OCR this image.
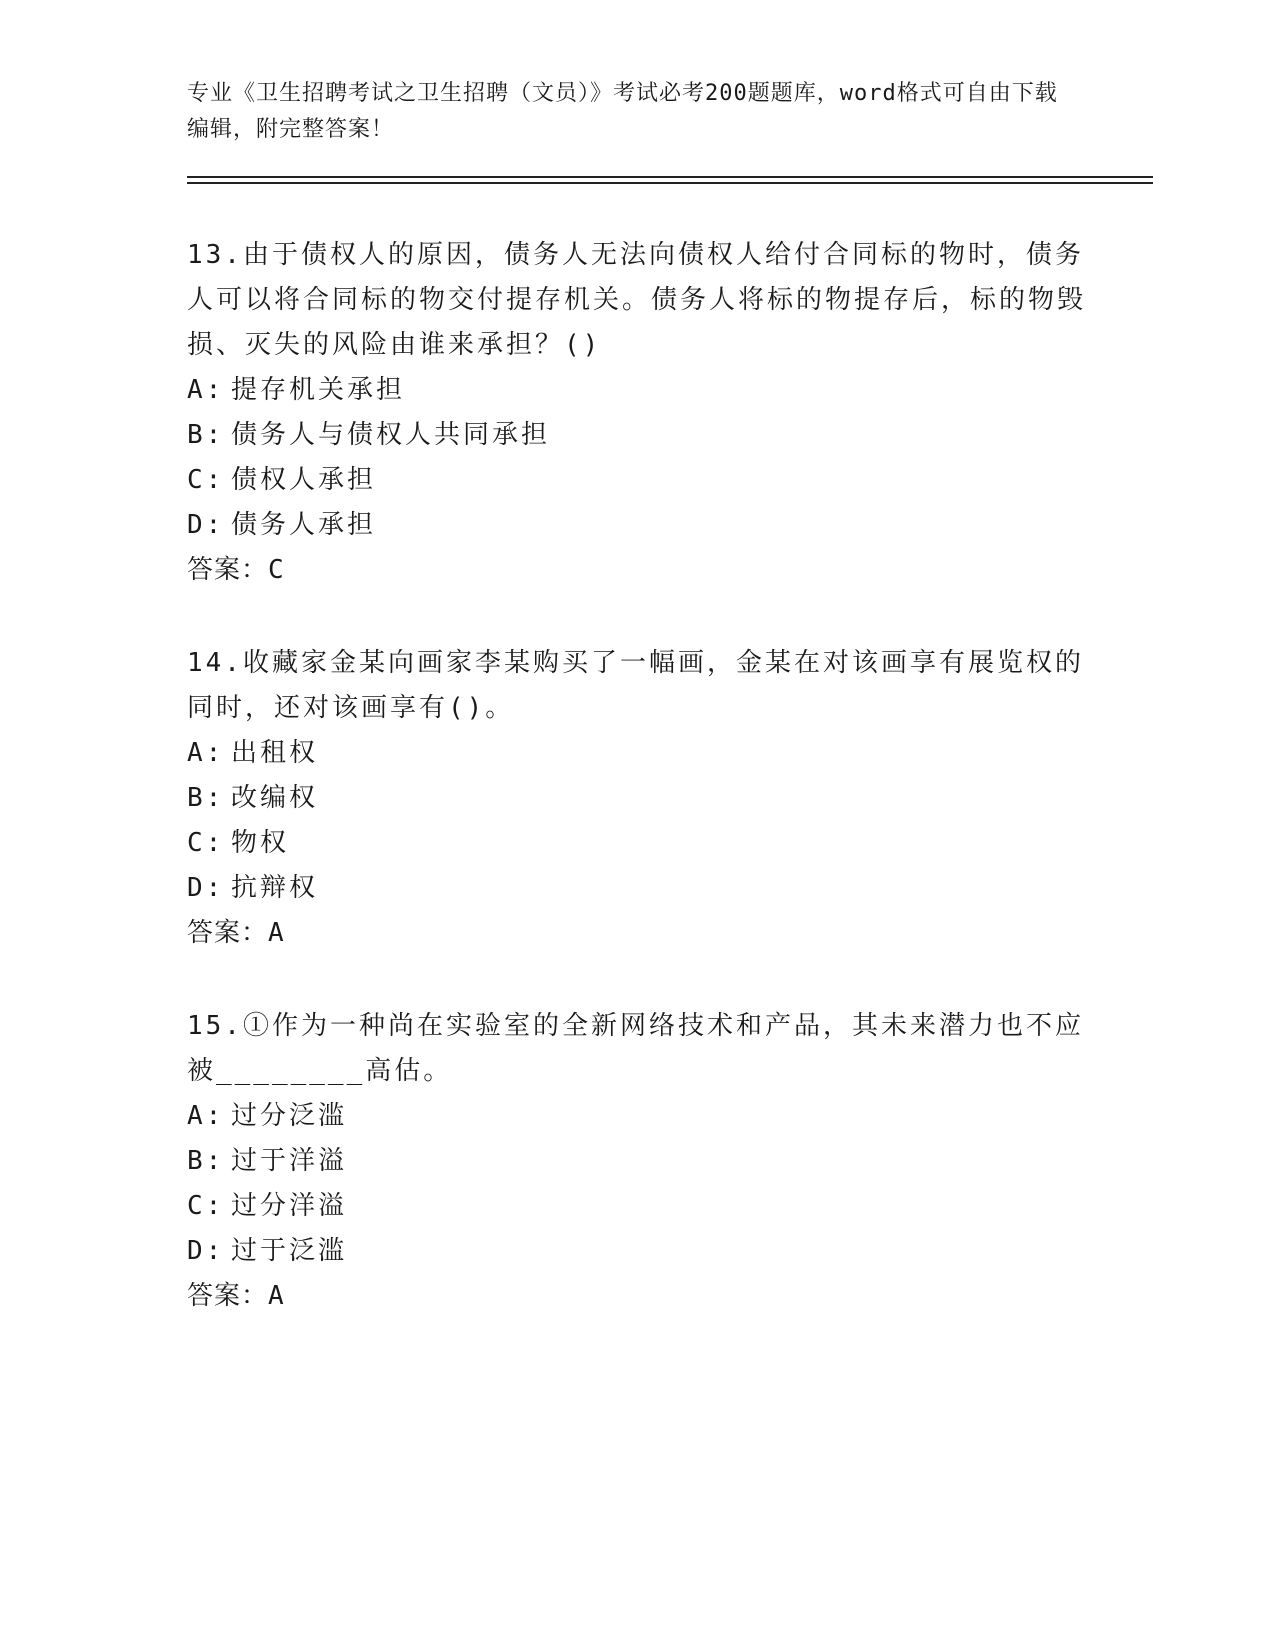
专业《卫生招聘考试之卫生招聘（文员）》考试必考200题题库，word格式可自由下载编辑，附完整答案！

13.由于债权人的原因，债务人无法向债权人给付合同标的物时，债务人可以将合同标的物交付提存机关。债务人将标的物提存后，标的物毁损、灭失的风险由谁来承担？()

A: 提存机关承担

B: 债务人与债权人共同承担

C: 债权人承担

D: 债务人承担

答案：C

14.收藏家金某向画家李某购买了一幅画，金某在对该画享有展览权的同时，还对该画享有()。

A: 出租权

B: 改编权

C: 物权

D: 抗辩权

答案：A

15.①作为一种尚在实验室的全新网络技术和产品，其未来潜力也不应被________高估。

A: 过分泛滥

B: 过于洋溢

C: 过分洋溢

D: 过于泛滥

答案：A
